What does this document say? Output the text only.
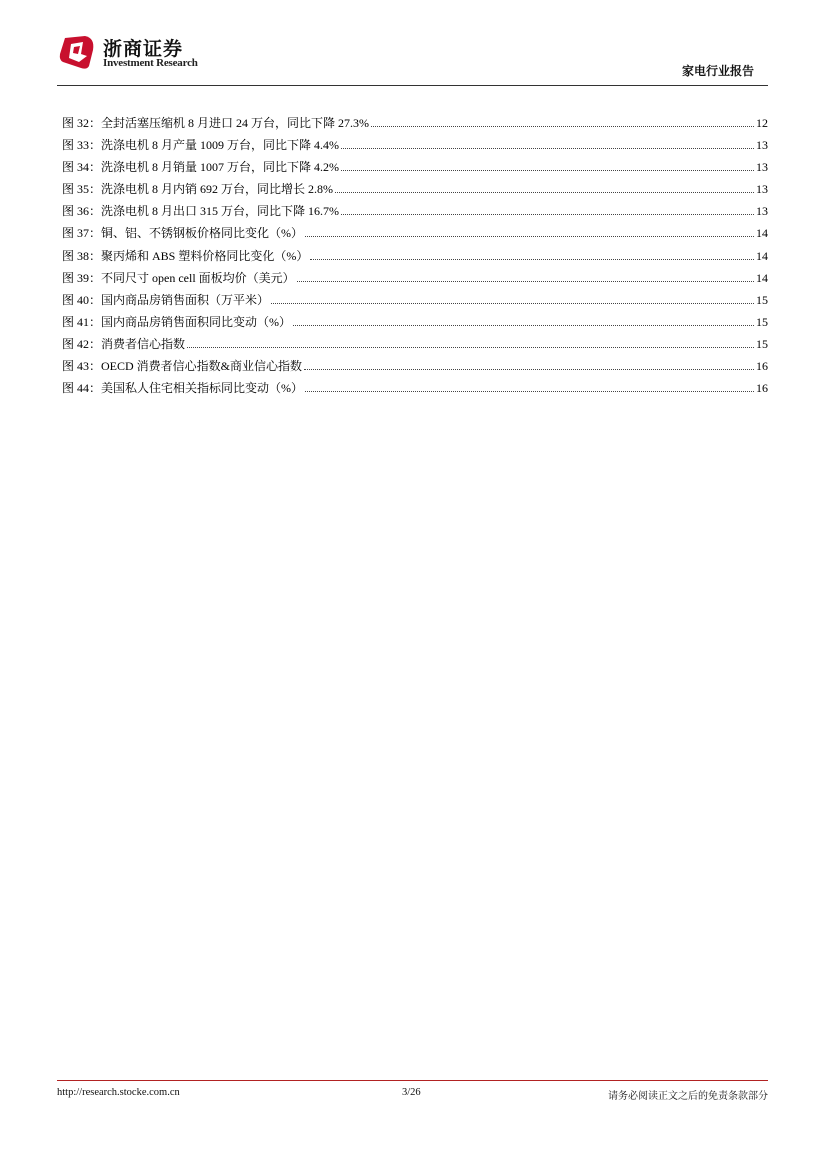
浙商证券
Investment Research
家电行业报告
图 32：全封活塞压缩机 8 月进口 24 万台，同比下降 27.3%	12
图 33：洗涤电机 8 月产量 1009 万台，同比下降 4.4%	13
图 34：洗涤电机 8 月销量 1007 万台，同比下降 4.2%	13
图 35：洗涤电机 8 月内销 692 万台，同比增长 2.8%	13
图 36：洗涤电机 8 月出口 315 万台，同比下降 16.7%	13
图 37：铜、铝、不锈钢板价格同比变化（%）	14
图 38：聚丙烯和 ABS 塑料价格同比变化（%）	14
图 39：不同尺寸 open cell 面板均价（美元）	14
图 40：国内商品房销售面积（万平米）	15
图 41：国内商品房销售面积同比变动（%）	15
图 42：消费者信心指数	15
图 43：OECD 消费者信心指数&商业信心指数	16
图 44：美国私人住宅相关指标同比变动（%）	16
http://research.stocke.com.cn	3/26	请务必阅读正文之后的免责条款部分
